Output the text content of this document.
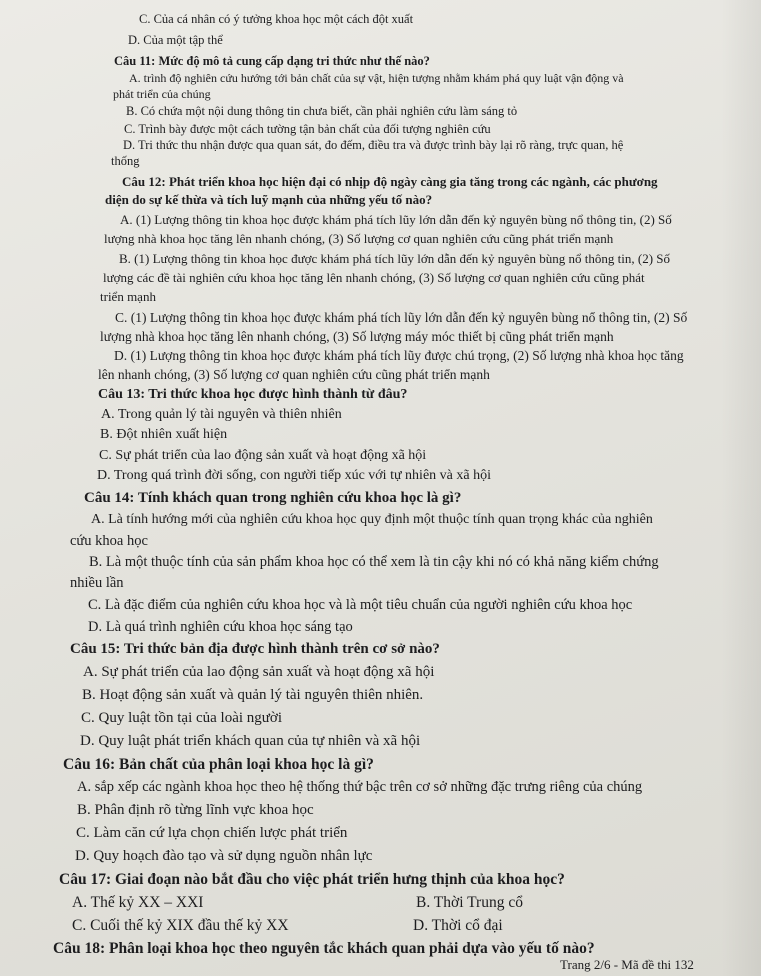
C. Của cá nhân có ý tưởng khoa học một cách đột xuất
D. Của một tập thể
Câu 11: Mức độ mô tả cung cấp dạng tri thức như thế nào?
A. trình độ nghiên cứu hướng tới bản chất của sự vật, hiện tượng nhằm khám phá quy luật vận động và
phát triển của chúng
B. Có chứa một nội dung thông tin chưa biết, cần phải nghiên cứu làm sáng tỏ
C. Trình bày được một cách tường tận bản chất của đối tượng nghiên cứu
D. Tri thức thu nhận được qua quan sát, đo đếm, điều tra và được trình bày lại rõ ràng, trực quan, hệ
thống
Câu 12: Phát triển khoa học hiện đại có nhịp độ ngày càng gia tăng trong các ngành, các phương
diện do sự kế thừa và tích luỹ mạnh của những yếu tố nào?
A. (1) Lượng thông tin khoa học được khám phá tích lũy lớn dẫn đến kỷ nguyên bùng nổ thông tin, (2) Số
lượng nhà khoa học tăng lên nhanh chóng, (3) Số lượng cơ quan nghiên cứu cũng phát triển mạnh
B. (1) Lượng thông tin khoa học được khám phá tích lũy lớn dẫn đến kỷ nguyên bùng nổ thông tin, (2) Số
lượng các đề tài nghiên cứu khoa học tăng lên nhanh chóng, (3) Số lượng cơ quan nghiên cứu cũng phát
triển mạnh
C. (1) Lượng thông tin khoa học được khám phá tích lũy lớn dẫn đến kỷ nguyên bùng nổ thông tin, (2) Số
lượng nhà khoa học tăng lên nhanh chóng, (3) Số lượng máy móc thiết bị cũng phát triển mạnh
D. (1) Lượng thông tin khoa học được khám phá tích lũy được chú trọng, (2) Số lượng nhà khoa học tăng
lên nhanh chóng, (3) Số lượng cơ quan nghiên cứu cũng phát triển mạnh
Câu 13: Tri thức khoa học được hình thành từ đâu?
A. Trong quản lý tài nguyên và thiên nhiên
B. Đột nhiên xuất hiện
C. Sự phát triển của lao động sản xuất và hoạt động xã hội
D. Trong quá trình đời sống, con người tiếp xúc với tự nhiên và xã hội
Câu 14: Tính khách quan trong nghiên cứu khoa học là gì?
A. Là tính hướng mới của nghiên cứu khoa học quy định một thuộc tính quan trọng khác của nghiên
cứu khoa học
B. Là một thuộc tính của sản phẩm khoa học có thể xem là tin cậy khi nó có khả năng kiểm chứng
nhiều lần
C. Là đặc điểm của nghiên cứu khoa học và là một tiêu chuẩn của người nghiên cứu khoa học
D. Là quá trình nghiên cứu khoa học sáng tạo
Câu 15: Tri thức bản địa được hình thành trên cơ sở nào?
A. Sự phát triển của lao động sản xuất và hoạt động xã hội
B. Hoạt động sản xuất và quản lý tài nguyên thiên nhiên.
C. Quy luật tồn tại của loài người
D. Quy luật phát triển khách quan của tự nhiên và xã hội
Câu 16: Bản chất của phân loại khoa học là gì?
A. sắp xếp các ngành khoa học theo hệ thống thứ bậc trên cơ sở những đặc trưng riêng của chúng
B. Phân định rõ từng lĩnh vực khoa học
C. Làm căn cứ lựa chọn chiến lược phát triển
D. Quy hoạch đào tạo và sử dụng nguồn nhân lực
Câu 17: Giai đoạn nào bắt đầu cho việc phát triển hưng thịnh của khoa học?
A. Thế kỷ XX – XXI	B. Thời Trung cổ
C. Cuối thế kỷ XIX đầu thế kỷ XX	D. Thời cổ đại
Câu 18: Phân loại khoa học theo nguyên tắc khách quan phải dựa vào yếu tố nào?
Trang 2/6 - Mã đề thi 132
